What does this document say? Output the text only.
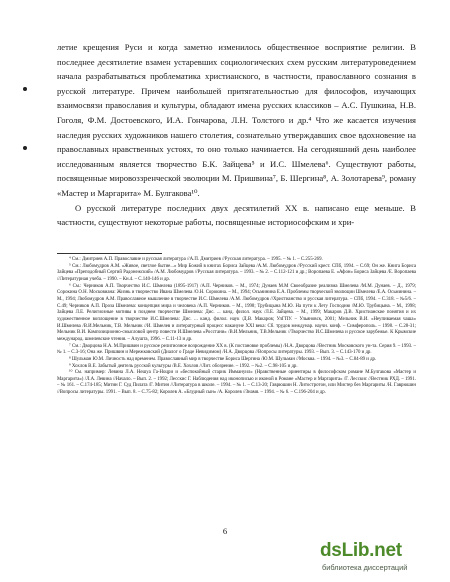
летие крещения Руси и когда заметно изменилось общественное восприятие религии. В последнее десятилетие взамен устаревших социологических схем русским литературоведением начала разрабатываться проблематика христианского, в частности, православного сознания в русской литературе. Причем наибольшей притягательностью для философов, изучающих взаимосвязи православия и культуры, обладают имена русских классиков – А.С. Пушкина, Н.В. Гоголя, Ф.М. Достоевского, И.А. Гончарова, Л.Н. Толстого и др.⁴ Что же касается изучения наследия русских художников нашего столетия, сознательно утверждавших свое вдохновение на православных нравственных устоях, то оно только начинается. На сегодняшний день наиболее исследованным является творчество Б.К. Зайцева⁵ и И.С. Шмелева⁶. Существуют работы, посвященные мировоззренческой эволюции М. Пришвина⁷, Б. Шергина⁸, А. Золотарева⁹, роману «Мастер и Маргарита» М. Булгакова¹⁰.

О русской литературе последних двух десятилетий XX в. написано еще меньше. В частности, существуют некоторые работы, посвященные историософским и хри-

⁴ См.: Дмитриев А.П. Православие и русская литература //А.П. Дмитриев //Русская литература. – 1995. – № 1. – С.255-269.

⁵ См.: Любомудров А.М. «Живое, светлое бытие...» Мир Божий в книгах Бориса Зайцева /А.М. Любомудров //Русский крест. СПб, 1994. – С.69; Он же. Книга Бориса Зайцева «Преподобный Сергий Радонежский» /А.М. Любомудров //Русская литература. – 1993. – № 2. – С.112-121 и др.; Воропаева Е. «Афон» Бориса Зайцева /Е. Воропаева //Литературная учеба. – 1990. – Кн.4. – С.140-146 и др.

⁶ См.: Черников А.П. Творчество И.С. Шмелева (1895-1917) /А.П. Черников. – М., 1974; Дунаев М.М Своеобразие реализма Шмелева /М.М. Дунаев. – Д., 1979; Сорокина О.Н. Московиана: Жизнь и творчество Ивана Шмелева /О.Н. Сорокина. – М., 1994; Осьминина Е.А. Проблемы творческой эволюции Шмелева /Е.А. Осьминина. – М., 1994; Любомудров А.М. Православное мышление в творчестве И.С. Шмелева /А.М. Любомудров //Христианство и русская литература. – СПб, 1994. – С.318. – №5/6. – С.49; Черников А.П. Проза Шмелева: концепция мира и человека /А.П. Черников. – М., 1998; Трубицына М.Ю. На пути к Лету Господню /М.Ю. Трубицына. – М., 1998; Зайцева Л.Е. Религиозные мотивы в позднем творчестве Шмелева: Дис. ... канд. филол. наук /Л.Е. Зайцева. – М., 1999; Макаров Д.В. Христианские понятия и их художественное воплощение в творчестве И.С.Шмелева: Дис. ... канд. филол. наук /Д.В. Макаров; УлГПУ. – Ульяновск, 2001; Мельник В.И. «Неупиваемая чаша» И.Шмелева /В.И.Мельник, Т.В. Мельник //И. Шмелев и литературный процесс накануне XXI века: Сб. трудов междунар. научн. конф. – Симферополь. – 1998. – С.28-31; Мельник В.И. Композиционно-смысловой центр повести И.Шмелева «Росстани» /В.И.Мельник, Т.В.Мельник //Творчество И.С.Шмелева и русское зарубежье. К Крымские международ. шмелевские чтения. – Алушта, 1996. – С.11-13 и др.

⁷ См.: Дворцова Н.А. М.Пришвин и русское религиозное возрождение XX в. (К постановке проблемы) /Н.А. Дворцова //Вестник Московского ун-та. Серия 9. – 1993. – № 1. – С.3-16; Она же. Пришвин и Мережковский (Диалог о Граде Невидимом) /Н.А. Дворцова //Вопросы литературы. 1993. – Вып. 3. – С.143-170 и др.

⁸ Шульман Ю.М. Личность над временем. Православный мир в творчестве Бориса Шергина /Ю.М. Шульман //Москва. – 1994. – №3. – С.84-89 и др.

⁹ Хохлов В.Е. Забытый деятель русской культуры /В.Е. Хохлов //Лит. обозрение. – 1992. – №2. – С.98-105 и др.

¹⁰ См. например: Левина Л.А. Нешуа Га-Ноцри и «беспокойный старик Иммануил» (Нравственные ориентиры в философском романе М.Булгакова «Мастер и Маргарита») /Л.А. Левина //Начало. – Вып. 2. – 1992; Лесскис Г. Наблюдения над иконописью и иконой в Романе «Мастер и Маргарита» /Г. Лесскис //Вестник РХД. – 1991. – № 161. – С.174-185; Митин Г. Суд Пилата /Г. Митин //Литература в школе. – 1994. – № 1. – С.13-20; Гаврюшин Н. Литостротон, или Мистер без Маргариты /Н. Гаврюшин //Вопросы литературы. 1991. – Вып. 8. – С.75-82; Королев А. «Блудный сын» /А. Королев //Знамя. – 1994. – № 6. – С.196-204 и др.

6
dsLib.net
библиотека диссертаций
